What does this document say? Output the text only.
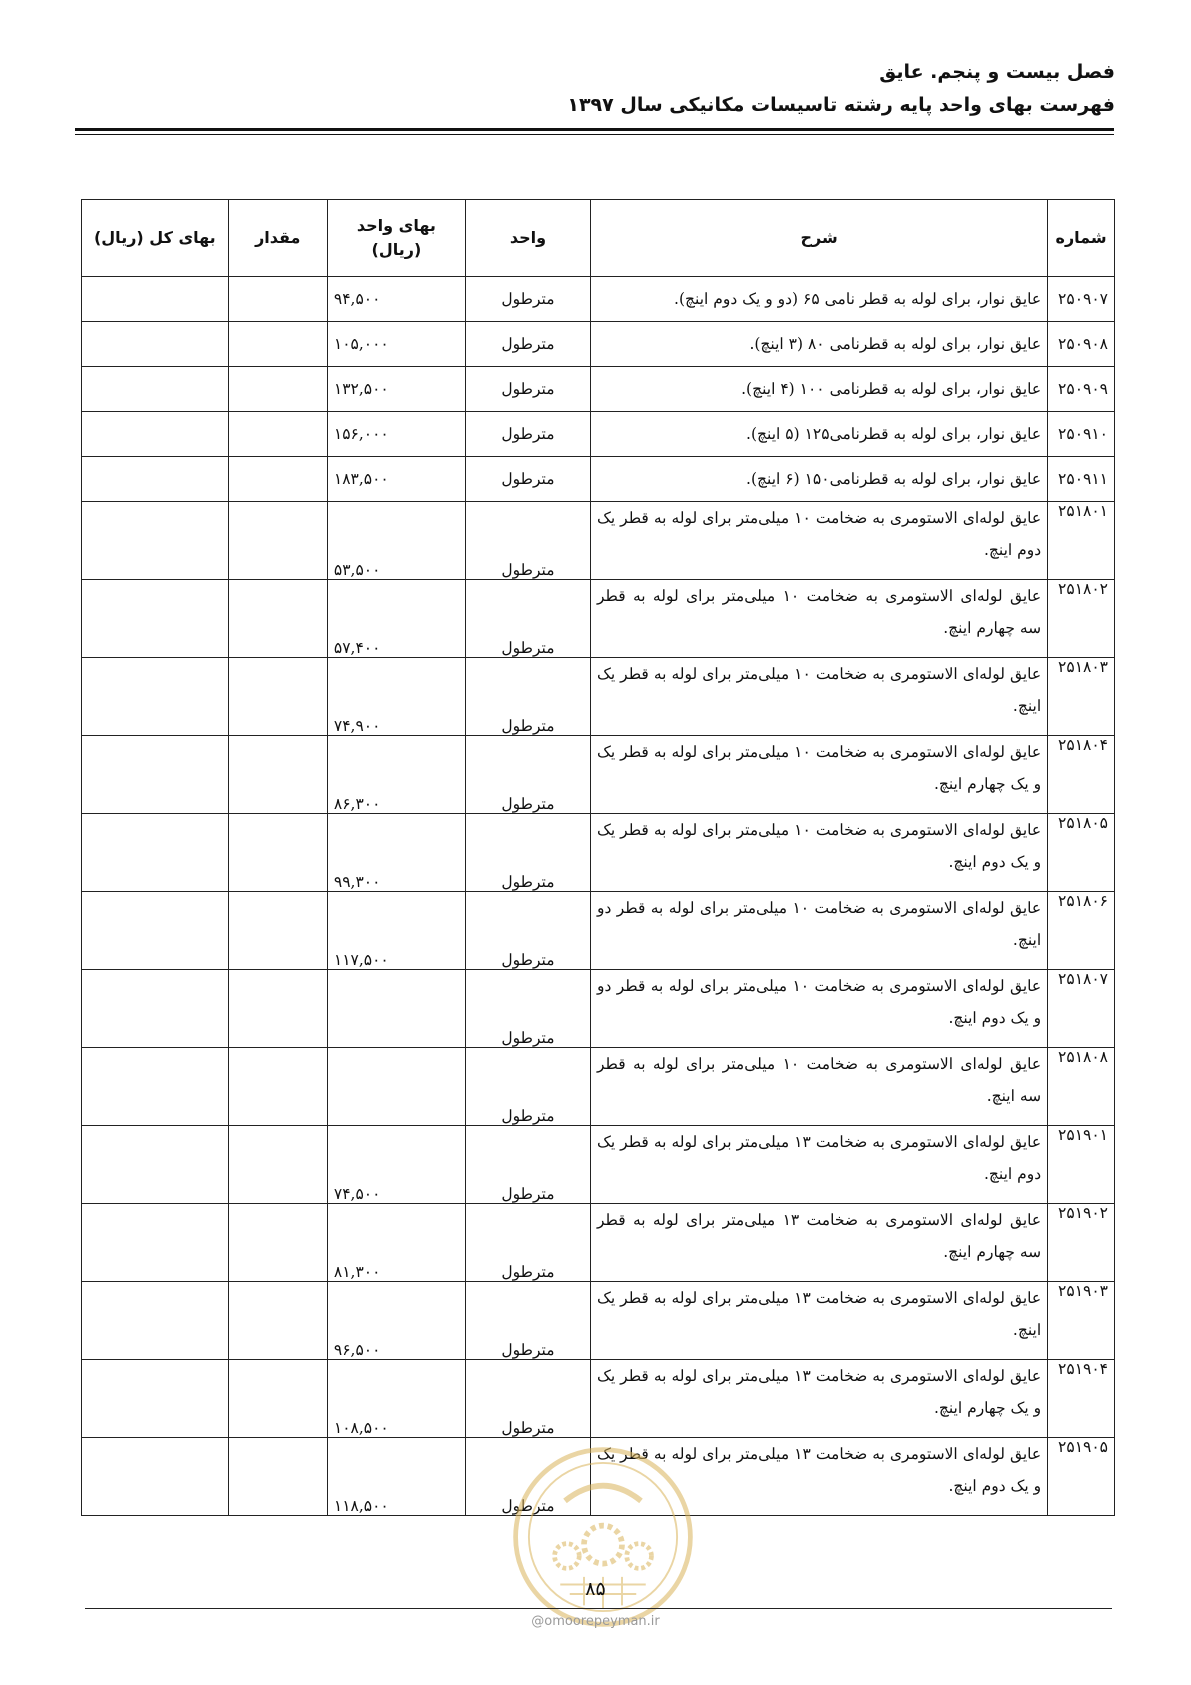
فصل بیست و پنجم. عایق
فهرست بهای واحد پایه رشته تاسیسات مکانیکی سال ۱۳۹۷
شماره	شرح	واحد	بهای واحد (ریال)	مقدار	بهای کل (ریال)
۲۵۰۹۰۷	عایق نوار، برای لوله به قطر نامی ۶۵ (دو و یک دوم اینچ).	مترطول	۹۴,۵۰۰		
۲۵۰۹۰۸	عایق نوار، برای لوله به قطرنامی ۸۰ (۳ اینچ).	مترطول	۱۰۵,۰۰۰		
۲۵۰۹۰۹	عایق نوار، برای لوله به قطرنامی ۱۰۰ (۴ اینچ).	مترطول	۱۳۲,۵۰۰		
۲۵۰۹۱۰	عایق نوار، برای لوله به قطرنامی۱۲۵ (۵ اینچ).	مترطول	۱۵۶,۰۰۰		
۲۵۰۹۱۱	عایق نوار، برای لوله به قطرنامی۱۵۰ (۶ اینچ).	مترطول	۱۸۳,۵۰۰		
۲۵۱۸۰۱	عایق لوله‌ای الاستومری به ضخامت ۱۰ میلی‌متر برای لوله به قطر یک دوم اینچ.	مترطول	۵۳,۵۰۰		
۲۵۱۸۰۲	عایق لوله‌ای الاستومری به ضخامت ۱۰ میلی‌متر برای لوله به قطر سه چهارم اینچ.	مترطول	۵۷,۴۰۰		
۲۵۱۸۰۳	عایق لوله‌ای الاستومری به ضخامت ۱۰ میلی‌متر برای لوله به قطر یک اینچ.	مترطول	۷۴,۹۰۰		
۲۵۱۸۰۴	عایق لوله‌ای الاستومری به ضخامت ۱۰ میلی‌متر برای لوله به قطر یک و یک چهارم اینچ.	مترطول	۸۶,۳۰۰		
۲۵۱۸۰۵	عایق لوله‌ای الاستومری به ضخامت ۱۰ میلی‌متر برای لوله به قطر یک و یک دوم اینچ.	مترطول	۹۹,۳۰۰		
۲۵۱۸۰۶	عایق لوله‌ای الاستومری به ضخامت ۱۰ میلی‌متر برای لوله به قطر دو اینچ.	مترطول	۱۱۷,۵۰۰		
۲۵۱۸۰۷	عایق لوله‌ای الاستومری به ضخامت ۱۰ میلی‌متر برای لوله به قطر دو و یک دوم اینچ.	مترطول			
۲۵۱۸۰۸	عایق لوله‌ای الاستومری به ضخامت ۱۰ میلی‌متر برای لوله به قطر سه اینچ.	مترطول			
۲۵۱۹۰۱	عایق لوله‌ای الاستومری به ضخامت ۱۳ میلی‌متر برای لوله به قطر یک دوم اینچ.	مترطول	۷۴,۵۰۰		
۲۵۱۹۰۲	عایق لوله‌ای الاستومری به ضخامت ۱۳ میلی‌متر برای لوله به قطر سه چهارم اینچ.	مترطول	۸۱,۳۰۰		
۲۵۱۹۰۳	عایق لوله‌ای الاستومری به ضخامت ۱۳ میلی‌متر برای لوله به قطر یک اینچ.	مترطول	۹۶,۵۰۰		
۲۵۱۹۰۴	عایق لوله‌ای الاستومری به ضخامت ۱۳ میلی‌متر برای لوله به قطر یک و یک چهارم اینچ.	مترطول	۱۰۸,۵۰۰		
۲۵۱۹۰۵	عایق لوله‌ای الاستومری به ضخامت ۱۳ میلی‌متر برای لوله به قطر یک و یک دوم اینچ.	مترطول	۱۱۸,۵۰۰		
۸۵
@omoorepeyman.ir
